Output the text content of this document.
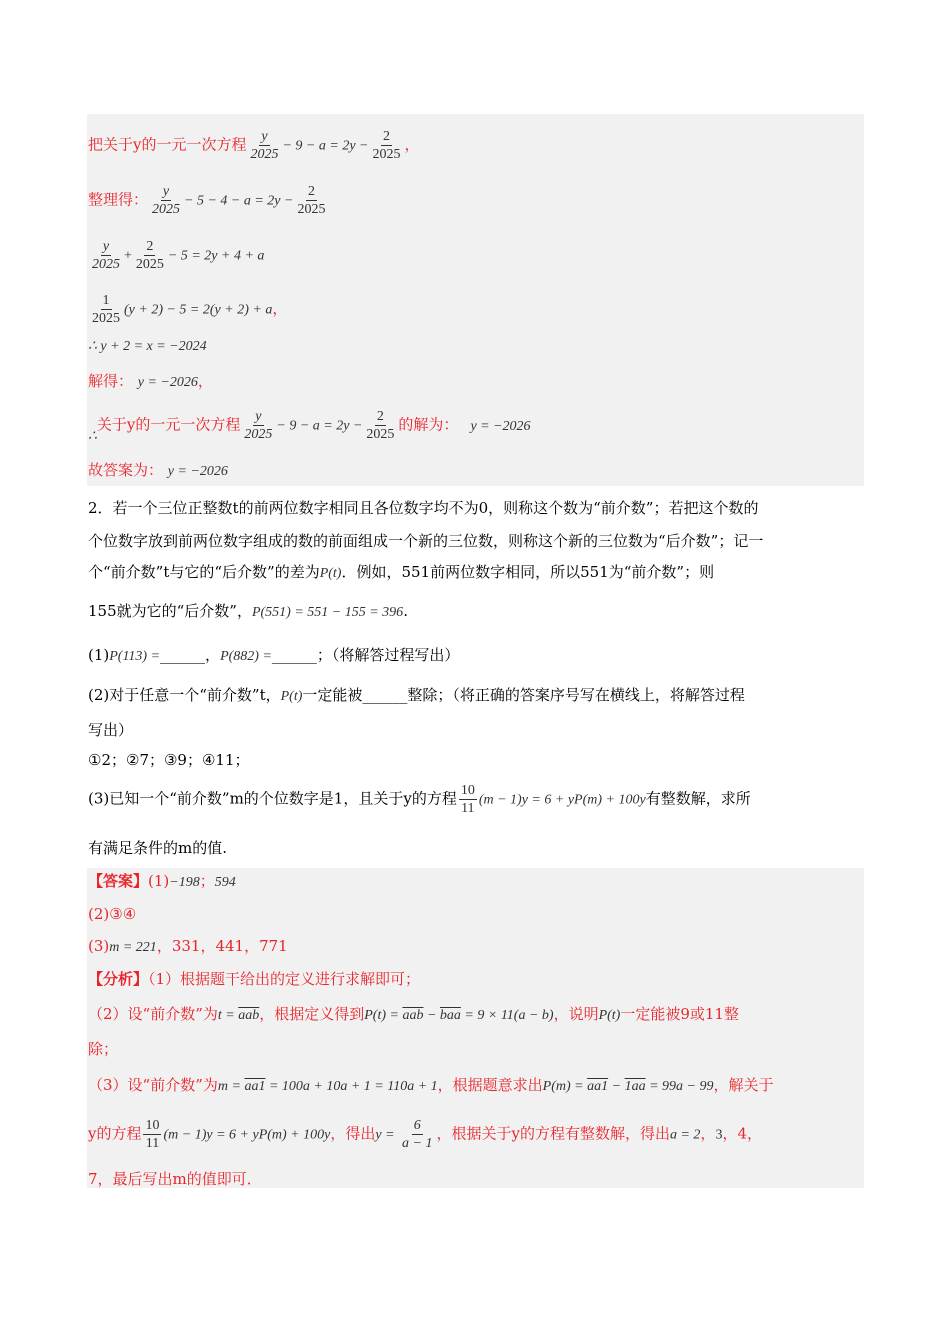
把关于y的一元一次方程 $\frac{y}{2025} - 9 - a = 2y - \frac{2}{2025}$ ，
整理得： $\frac{y}{2025} - 5 - 4 - a = 2y - \frac{2}{2025}$
$\frac{y}{2025} + \frac{2}{2025} - 5 = 2y + 4 + a$
$\frac{1}{2025} (y + 2) - 5 = 2(y + 2) + a$，
∴ y + 2 = x = −2024
解得： y = −2026，
∴关于y的一元一次方程 $\frac{y}{2025} - 9 - a = 2y - \frac{2}{2025}$ 的解为： y = −2026
故答案为： y = −2026
2．若一个三位正整数t的前两位数字相同且各位数字均不为0，则称这个数为“前介数”；若把这个数的
个位数字放到前两位数字组成的数的前面组成一个新的三位数，则称这个新的三位数为“后介数”；记一
个“前介数”t与它的“后介数”的差为P(t)．例如，551前两位数字相同，所以551为“前介数”；则
155就为它的“后介数”，P(551) = 551 − 155 = 396.
(1)P(113) =______，P(882) =______；（将解答过程写出）
(2)对于任意一个“前介数”t，P(t)一定能被______整除；（将正确的答案序号写在横线上，将解答过程
写出）
①2；②7；③9；④11；
(3)已知一个“前介数”m的个位数字是1，且关于y的方程 $\frac{10}{11} (m - 1)y = 6 + yP(m) + 100y$有整数解，求所
有满足条件的m的值.
【答案】(1)−198；594
(2)③④
(3)m = 221，331，441，771
【分析】（1）根据题干给出的定义进行求解即可；
（2）设“前介数”为$t = \overline{aab}$，根据定义得到$P(t) = \overline{aab} - \overline{baa} = 9 \times 11(a - b)$，说明P(t)一定能被9或11整
除；
（3）设“前介数”为m = aa1 = 100a + 10a + 1 = 110a + 1，根据题意求出P(m) = aa1 − 1aa = 99a − 99，解关于
y的方程 $\frac{10}{11} (m - 1)y = 6 + yP(m) + 100y$，得出$y = \frac{6}{a - 1}$ ，根据关于y的方程有整数解，得出a = 2，3，4，
7，最后写出m的值即可．
